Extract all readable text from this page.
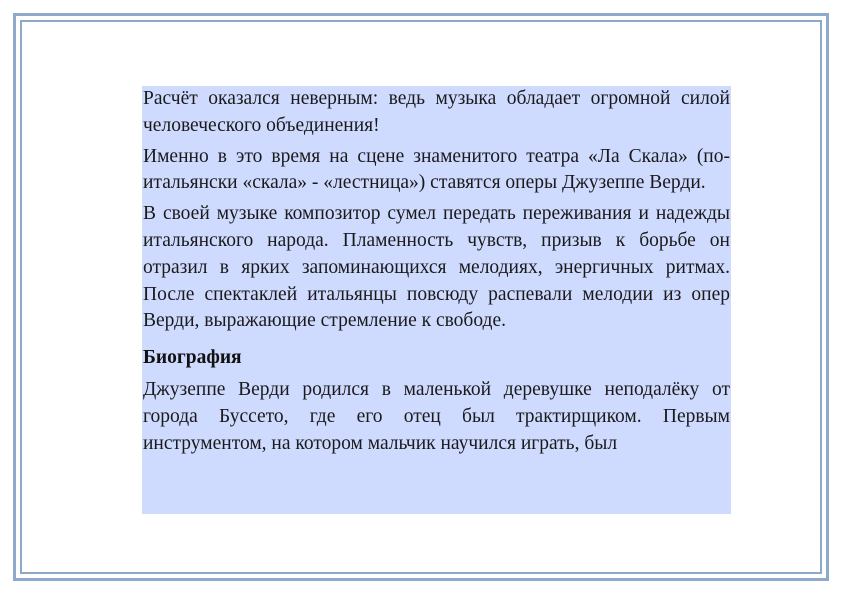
Расчёт оказался неверным: ведь музыка обладает огромной силой человеческого объединения!

Именно в это время на сцене знаменитого театра «Ла Скала» (по-итальянски «скала» - «лестница») ставятся оперы Джузеппе Верди.

В своей музыке композитор сумел передать переживания и надежды итальянского народа. Пламенность чувств, призыв к борьбе он отразил в ярких запоминающихся мелодиях, энергичных ритмах. После спектаклей итальянцы повсюду распевали мелодии из опер Верди, выражающие стремление к свободе.

Биография

Джузеппе Верди родился в маленькой деревушке неподалёку от города Буссето, где его отец был трактирщиком. Первым инструментом, на котором мальчик научился играть, был
